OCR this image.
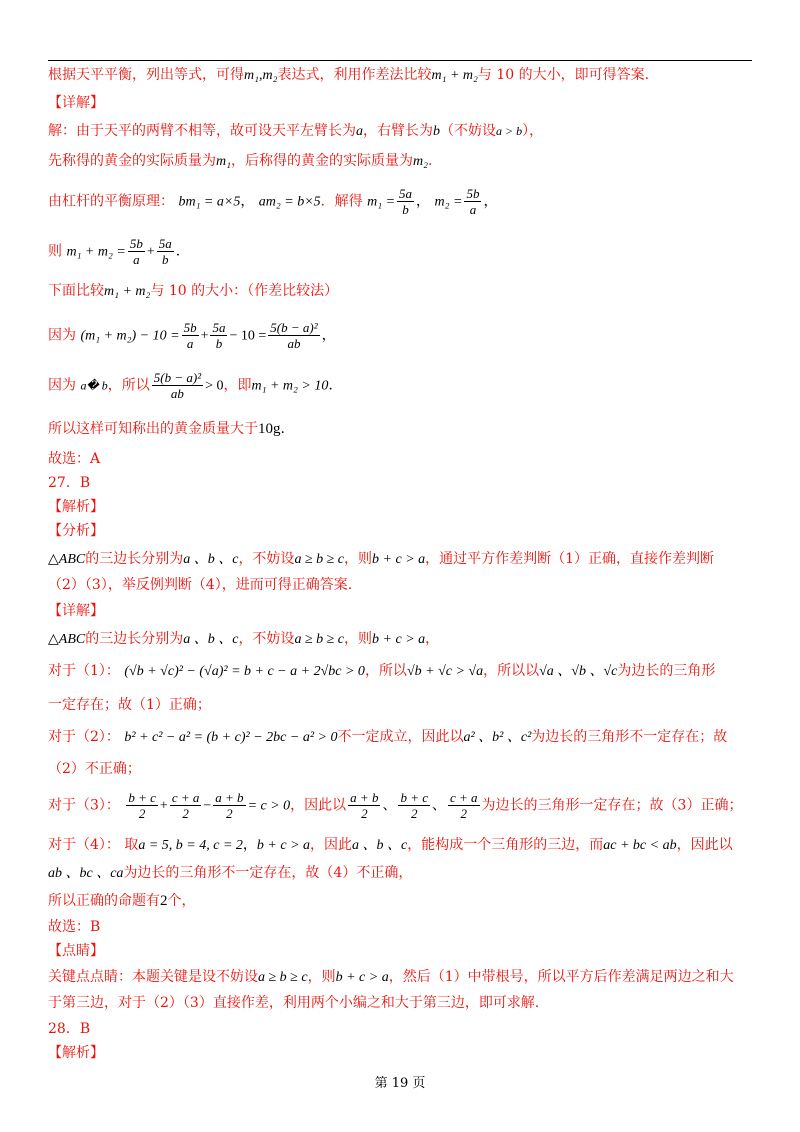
根据天平平衡，列出等式，可得m₁,m₂表达式，利用作差法比较m₁ + m₂与 10 的大小，即可得答案.
【详解】
解：由于天平的两臂不相等，故可设天平左臂长为a，右臂长为b（不妨设a > b），
先称得的黄金的实际质量为m₁，后称得的黄金的实际质量为m₂.
由杠杆的平衡原理： bm₁ = a×5， am₂ = b×5．解得 $m_1 = \frac{5a}{b}$ ， $m_2 = \frac{5b}{a}$ ，
则 $m_1 + m_2 = \frac{5b}{a} + \frac{5a}{b}$ .
下面比较m₁ + m₂与 10 的大小：（作差比较法）
因为 $(m_1 + m_2) - 10 = \frac{5b}{a} + \frac{5a}{b} - 10 = \frac{\text{5(b − a)²}}{ab}$ ，
因为 a� b，所以 $\frac{\text{5(b − a)²}}{ab} > 0$，即m₁ + m₂ > 10.
所以这样可知称出的黄金质量大于10g.
故选：A
27．B
【解析】
【分析】
△ABC的三边长分别为a 、b 、c，不妨设a ≥ b ≥ c，则b + c > a，通过平方作差判断（1）正确，直接作差判断
（2）（3），举反例判断（4），进而可得正确答案.
【详解】
△ABC的三边长分别为a 、b 、c，不妨设a ≥ b ≥ c，则b + c > a，
对于（1）： (√b + √c)² − (√a)² = b + c − a + 2√bc > 0，所以√b + √c > √a，所以以√a 、√b 、√c为边长的三角形
一定存在；故（1）正确；
对于（2）： b² + c² − a² = (b + c)² − 2bc − a² > 0不一定成立，因此以a² 、b² 、c²为边长的三角形不一定存在；故
（2）不正确；
对于（3）： $\frac{b + c}{2} + \frac{c + a}{2} - \frac{a + b}{2} = c > 0$，因此以 $\frac{a + b}{2}$ 、 $\frac{b + c}{2}$ 、 $\frac{c + a}{2}$ 为边长的三角形一定存在；故（3）正确；
对于（4）： 取a = 5, b = 4, c = 2，b + c > a，因此a 、b 、c，能构成一个三角形的三边，而ac + bc < ab，因此以
ab 、bc 、ca为边长的三角形不一定存在，故（4）不正确，
所以正确的命题有2个，
故选：B
【点睛】
关键点点睛：本题关键是设不妨设a ≥ b ≥ c，则b + c > a，然后（1）中带根号，所以平方后作差满足两边之和大
于第三边，对于（2）（3）直接作差，利用两个小编之和大于第三边，即可求解.
28．B
【解析】
第 19 页
